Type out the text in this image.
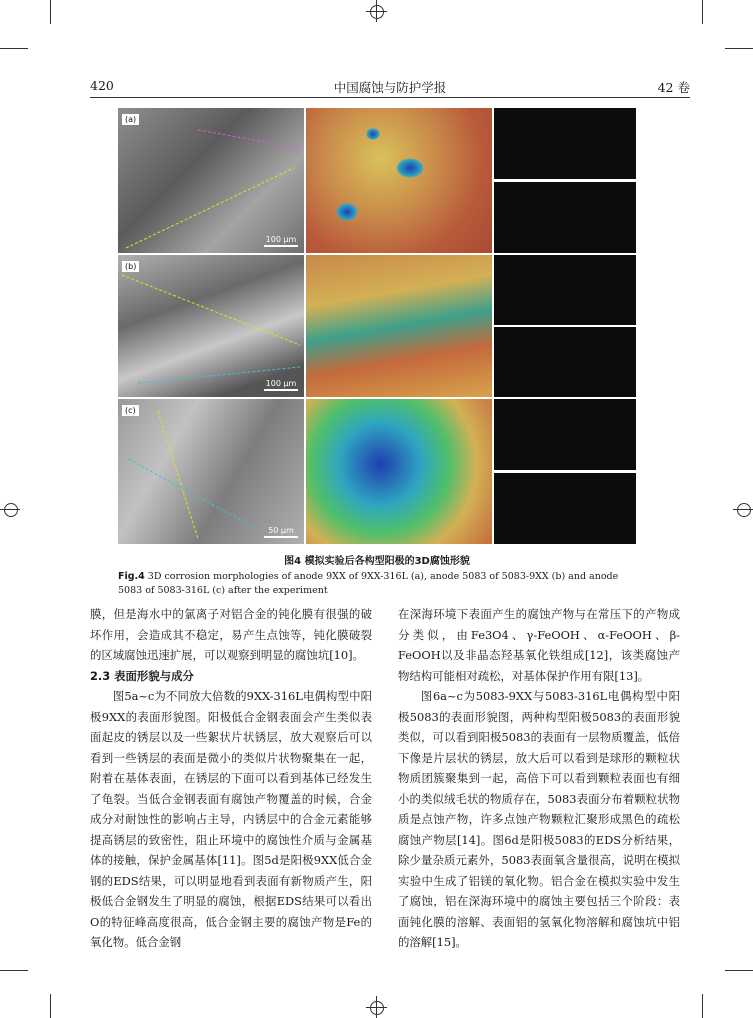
420	中国腐蚀与防护学报	42 卷
(a)
100 μm
(b)
100 μm
(c)
50 μm
图4 模拟实验后各构型阳极的3D腐蚀形貌
Fig.4 3D corrosion morphologies of anode 9XX of 9XX-316L (a), anode 5083 of 5083-9XX (b) and anode 5083 of 5083-316L (c) after the experiment

膜，但是海水中的氯离子对铝合金的钝化膜有很强的破坏作用，会造成其不稳定，易产生点蚀等，钝化膜破裂的区域腐蚀迅速扩展，可以观察到明显的腐蚀坑[10]。

2.3 表面形貌与成分

图5a~c为不同放大倍数的9XX-316L电偶构型中阳极9XX的表面形貌图。阳极低合金钢表面会产生类似表面起皮的锈层以及一些絮状片状锈层，放大观察后可以看到一些锈层的表面是微小的类似片状物聚集在一起，附着在基体表面，在锈层的下面可以看到基体已经发生了龟裂。当低合金钢表面有腐蚀产物覆盖的时候，合金成分对耐蚀性的影响占主导，内锈层中的合金元素能够提高锈层的致密性，阻止环境中的腐蚀性介质与金属基体的接触，保护金属基体[11]。图5d是阳极9XX低合金钢的EDS结果，可以明显地看到表面有新物质产生，阳极低合金钢发生了明显的腐蚀，根据EDS结果可以看出O的特征峰高度很高，低合金钢主要的腐蚀产物是Fe的氧化物。低合金钢

在深海环境下表面产生的腐蚀产物与在常压下的产物成分类似，由Fe3O4、γ-FeOOH、α-FeOOH、β-FeOOH以及非晶态羟基氧化铁组成[12]，该类腐蚀产物结构可能相对疏松，对基体保护作用有限[13]。

图6a~c为5083-9XX与5083-316L电偶构型中阳极5083的表面形貌图，两种构型阳极5083的表面形貌类似，可以看到阳极5083的表面有一层物质覆盖，低倍下像是片层状的锈层，放大后可以看到是球形的颗粒状物质团簇聚集到一起，高倍下可以看到颗粒表面也有细小的类似绒毛状的物质存在，5083表面分布着颗粒状物质是点蚀产物，许多点蚀产物颗粒汇聚形成黑色的疏松腐蚀产物层[14]。图6d是阳极5083的EDS分析结果，除少量杂质元素外，5083表面氧含量很高，说明在模拟实验中生成了铝镁的氧化物。铝合金在模拟实验中发生了腐蚀，铝在深海环境中的腐蚀主要包括三个阶段：表面钝化膜的溶解、表面铝的氢氧化物溶解和腐蚀坑中铝的溶解[15]。
